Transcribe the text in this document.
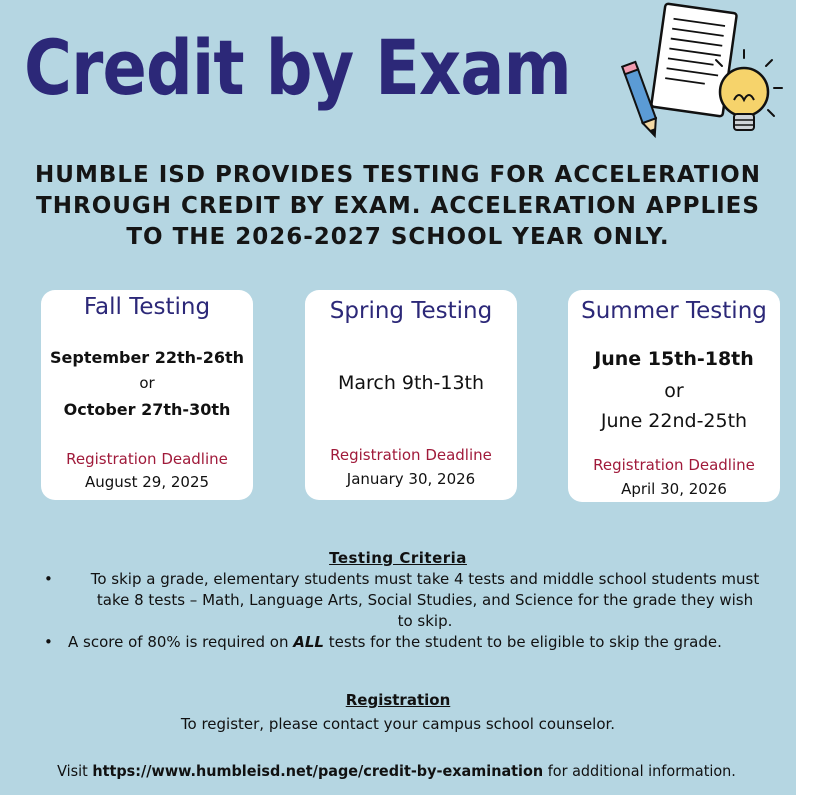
Credit by Exam
HUMBLE ISD PROVIDES TESTING FOR ACCELERATION
THROUGH CREDIT BY EXAM. ACCELERATION APPLIES
TO THE 2026-2027 SCHOOL YEAR ONLY.
Fall Testing
September 22th-26th
or
October 27th-30th
Registration Deadline
August 29, 2025
Spring Testing
March 9th-13th
Registration Deadline
January 30, 2026
Summer Testing
June 15th-18th
or
June 22nd-25th
Registration Deadline
April 30, 2026
Testing Criteria
•	To skip a grade, elementary students must take 4 tests and middle school students must
take 8 tests – Math, Language Arts, Social Studies, and Science for the grade they wish
to skip.
• A score of 80% is required on ALL tests for the student to be eligible to skip the grade.
Registration
To register, please contact your campus school counselor.
Visit https://www.humbleisd.net/page/credit-by-examination for additional information.
